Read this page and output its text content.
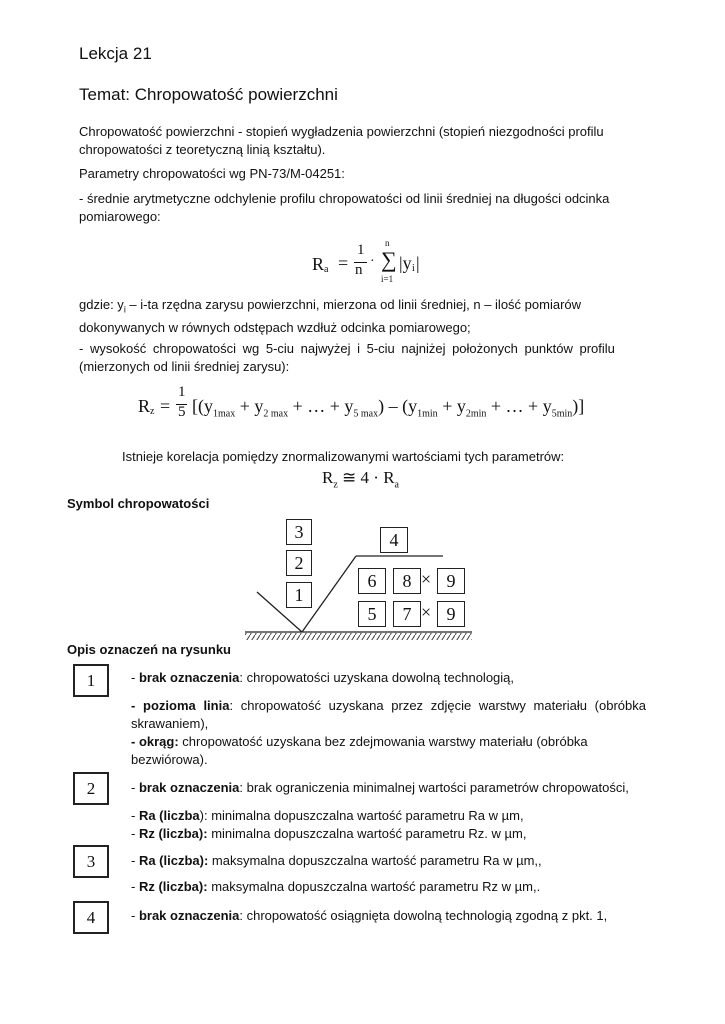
Lekcja 21
Temat: Chropowatość powierzchni
Chropowatość powierzchni - stopień wygładzenia powierzchni (stopień niezgodności profilu
chropowatości z teoretyczną linią kształtu).
Parametry chropowatości wg PN-73/M-04251:
- średnie arytmetyczne odchylenie profilu chropowatości od linii średniej na długości odcinka
pomiarowego:
R a =
1
n
· ∑
n
i=1
|y i |
gdzie: $y_i - i-ta$ rzędna zarysu powierzchni, mierzona od linii średniej, n – ilość pomiarów
dokonywanych w równych odstępach wzdłuż odcinka pomiarowego;
- wysokość chropowatości wg 5-ciu najwyżej i 5-ciu najniżej położonych punktów profilu
(mierzonych od linii średniej zarysu):
R z =
1
5 [($y_{1max} + y_{2 max}$ + … + $y_{5 max}) - (y_{1min} + y_{2min}$ + … + $y_{5min}$)]
Istnieje korelacja pomiędzy znormalizowanymi wartościami tych parametrów:
$R_z$ ≅ $4 \cdot R_a$
Symbol chropowatości
3
2
1
4
6	8 × 9
5	7 × 9
Opis oznaczeń na rysunku
1
2
3
4
- brak oznaczenia: chropowatości uzyskana dowolną technologią,
- pozioma linia: chropowatość uzyskana przez zdjęcie warstwy materiału (obróbka skrawaniem),
- okrąg: chropowatość uzyskana bez zdejmowania warstwy materiału (obróbka bezwiórowa).
- brak oznaczenia: brak ograniczenia minimalnej wartości parametrów chropowatości,
- Ra (liczba): minimalna dopuszczalna wartość parametru Ra w µm,
- Rz (liczba): minimalna dopuszczalna wartość parametru Rz. w µm,
- Ra (liczba): maksymalna dopuszczalna wartość parametru Ra w µm,,
- Rz (liczba): maksymalna dopuszczalna wartość parametru Rz w µm,.
- brak oznaczenia: chropowatość osiągnięta dowolną technologią zgodną z pkt. 1,
